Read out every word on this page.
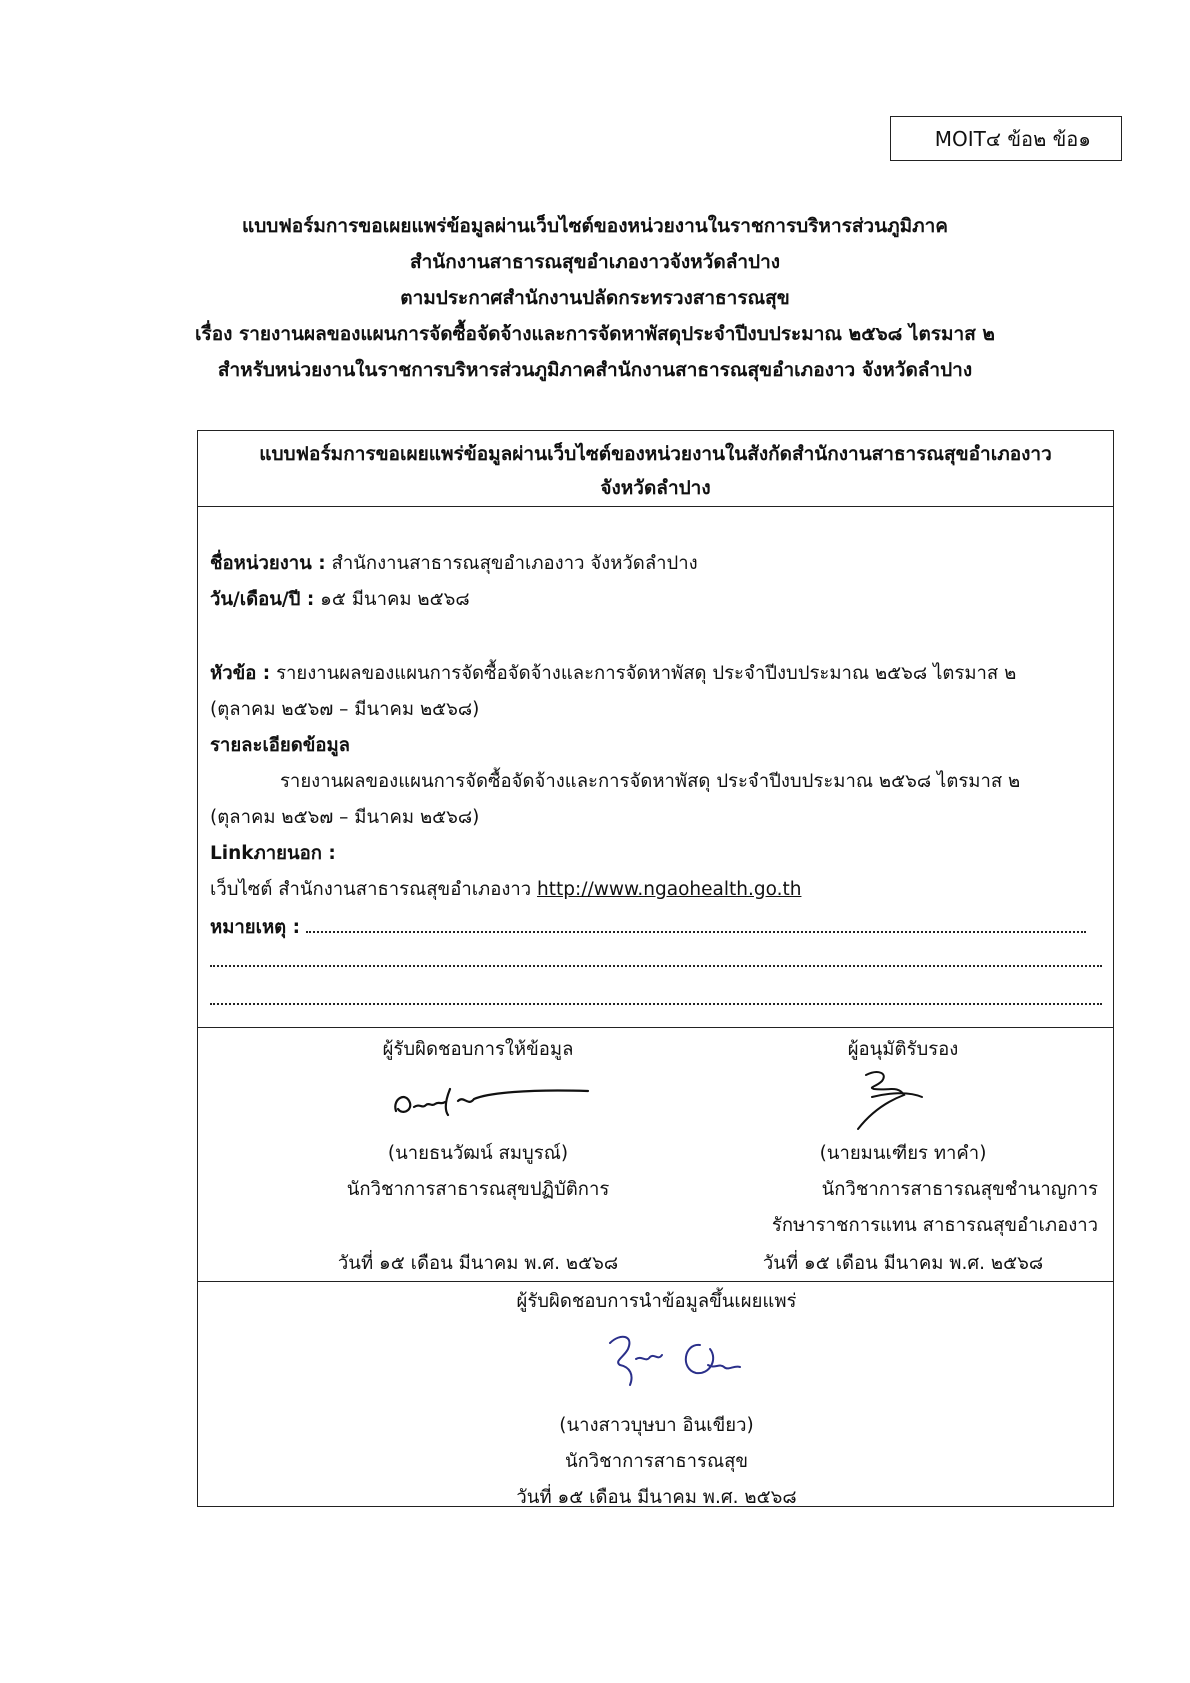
MOIT๔ ข้อ๒ ข้อ๑
แบบฟอร์มการขอเผยแพร่ข้อมูลผ่านเว็บไซต์ของหน่วยงานในราชการบริหารส่วนภูมิภาค
สำนักงานสาธารณสุขอำเภองาวจังหวัดลำปาง
ตามประกาศสำนักงานปลัดกระทรวงสาธารณสุข
เรื่อง รายงานผลของแผนการจัดซื้อจัดจ้างและการจัดหาพัสดุประจำปีงบประมาณ ๒๕๖๘ ไตรมาส ๒
สำหรับหน่วยงานในราชการบริหารส่วนภูมิภาคสำนักงานสาธารณสุขอำเภองาว จังหวัดลำปาง
แบบฟอร์มการขอเผยแพร่ข้อมูลผ่านเว็บไซต์ของหน่วยงานในสังกัดสำนักงานสาธารณสุขอำเภองาว
จังหวัดลำปาง
ชื่อหน่วยงาน : สำนักงานสาธารณสุขอำเภองาว จังหวัดลำปาง
วัน/เดือน/ปี : ๑๕ มีนาคม ๒๕๖๘
หัวข้อ : รายงานผลของแผนการจัดซื้อจัดจ้างและการจัดหาพัสดุ ประจำปีงบประมาณ ๒๕๖๘ ไตรมาส ๒
(ตุลาคม ๒๕๖๗ – มีนาคม ๒๕๖๘)
รายละเอียดข้อมูล
รายงานผลของแผนการจัดซื้อจัดจ้างและการจัดหาพัสดุ ประจำปีงบประมาณ ๒๕๖๘ ไตรมาส ๒
(ตุลาคม ๒๕๖๗ – มีนาคม ๒๕๖๘)
Linkภายนอก :
เว็บไซต์ สำนักงานสาธารณสุขอำเภองาว http://www.ngaohealth.go.th
หมายเหตุ :
ผู้รับผิดชอบการให้ข้อมูล
(นายธนวัฒน์ สมบูรณ์)
นักวิชาการสาธารณสุขปฏิบัติการ
วันที่ ๑๕ เดือน มีนาคม พ.ศ. ๒๕๖๘
ผู้อนุมัติรับรอง
(นายมนเฑียร ทาคำ)
นักวิชาการสาธารณสุขชำนาญการ
รักษาราชการแทน สาธารณสุขอำเภองาว
วันที่ ๑๕ เดือน มีนาคม พ.ศ. ๒๕๖๘
ผู้รับผิดชอบการนำข้อมูลขึ้นเผยแพร่
(นางสาวบุษบา อินเขียว)
นักวิชาการสาธารณสุข
วันที่ ๑๕ เดือน มีนาคม พ.ศ. ๒๕๖๘
